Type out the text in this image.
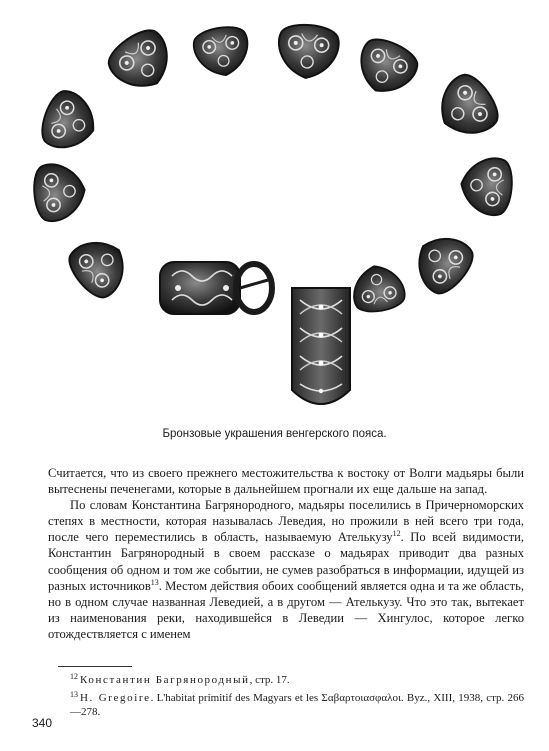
Бронзовые украшения венгерского пояса.

Считается, что из своего прежнего местожительства к востоку от Волги мадьяры были вытеснены печенегами, которые в дальнейшем прогнали их еще дальше на запад.

По словам Константина Багрянородного, мадьяры поселились в Причерноморских степях в местности, которая называлась Леведия, но прожили в ней всего три года, после чего переместились в область, называемую Ателькузу$^{12}$. По всей видимости, Константин Багрянородный в своем рассказе о мадьярах приводит два разных сообщения об одном и том же событии, не сумев разобраться в информации, идущей из разных источников$^{13}$. Местом действия обоих сообщений является одна и та же область, но в одном случае названная Леведией, а в другом — Ателькузу. Что это так, вытекает из наименования реки, находившейся в Леведии — Хингулос, которое легко отождествляется с именем

$^{12}$ Константин Багрянородный, стр. 17.

$^{13}$ H. Gregoire. L'habitat primitif des Magyars et les Σαβαρτοιασφαλοι. Byz., XIII, 1938, стр. 266—278.

340
